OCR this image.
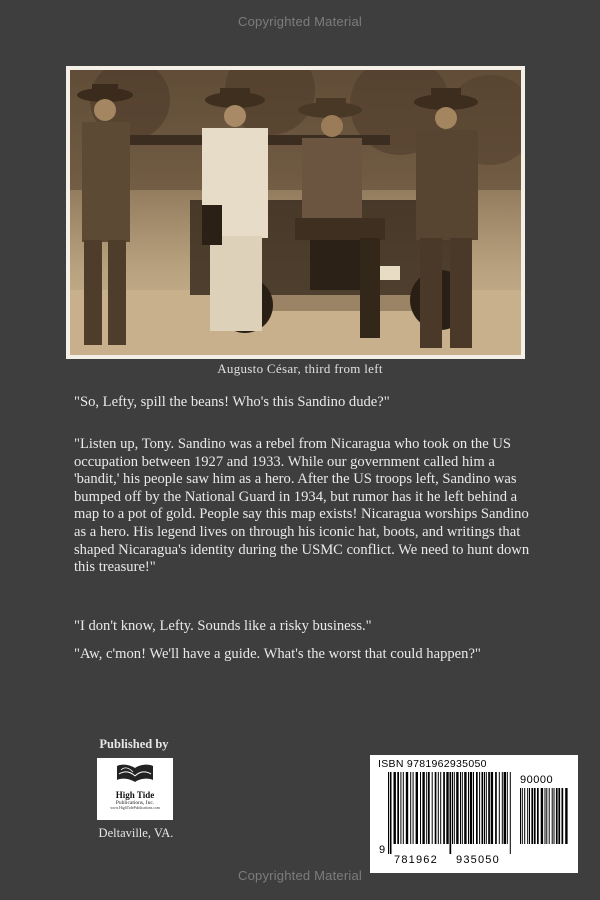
Copyrighted Material
Augusto César, third from left

"So, Lefty, spill the beans! Who's this Sandino dude?"

"Listen up, Tony. Sandino was a rebel from Nicaragua who took on the US occupation between 1927 and 1933. While our government called him a 'bandit,' his people saw him as a hero. After the US troops left, Sandino was bumped off by the National Guard in 1934, but rumor has it he left behind a map to a pot of gold. People say this map exists! Nicaragua worships Sandino as a hero. His legend lives on through his iconic hat, boots, and writings that shaped Nicaragua's identity during the USMC conflict. We need to hunt down this treasure!"

"I don't know, Lefty. Sounds like a risky business."

"Aw, c'mon! We'll have a guide. What's the worst that could happen?"

Published by
High Tide
Publications, Inc.
www.HighTidePublications.com
Deltaville, VA.
ISBN 9781962935050
90000
9
781962 935050
Copyrighted Material
